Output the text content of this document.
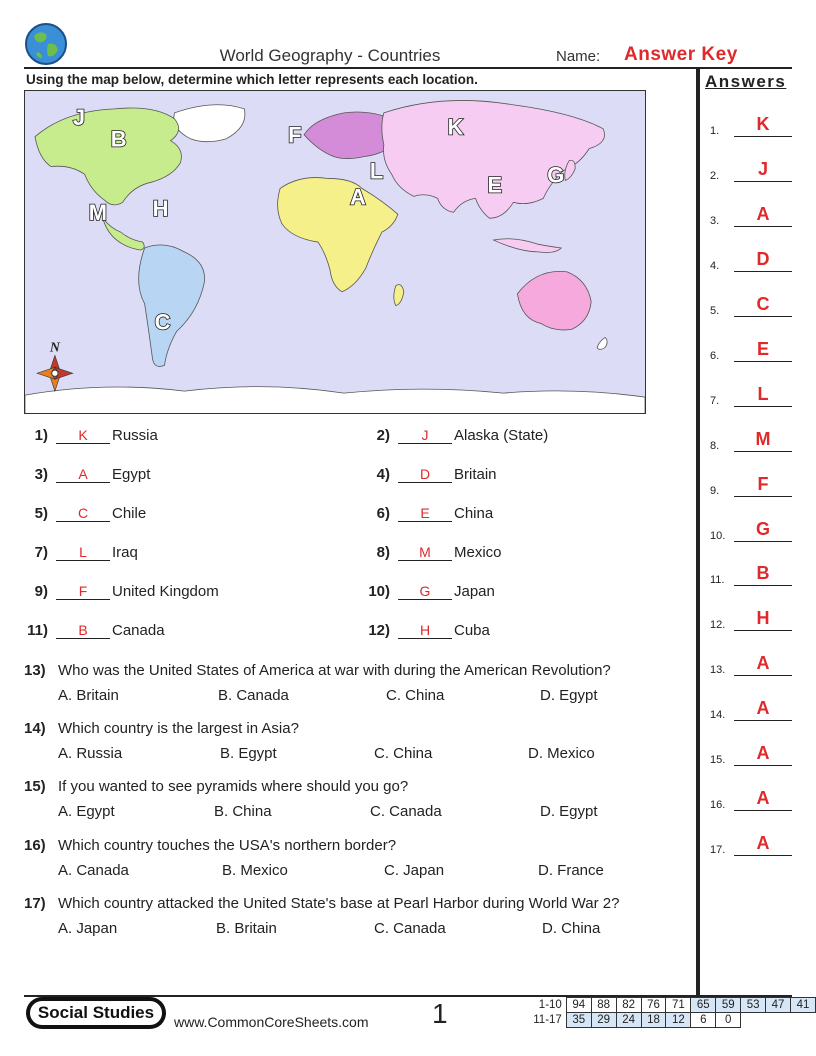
World Geography - Countries	Name: Answer Key
Answers
Using the map below, determine which letter represents each location.
N
J
B	F	K
L
A	E G
M H
C
1.	K
2.	J
3.	A
4.	D
5.	C
6.	E
7.	L
8.	M
9.	F
10.	G
11.	B
12.	H
13.	A
14.	A
15.	A
16.	A
17.	A
1)	K	Russia	2)	J	Alaska (State)
3)	A	Egypt	4)	D	Britain
5)	C	Chile	6)	E	China
7)	L	Iraq	8)	M	Mexico
9)	F	United Kingdom	10)	G	Japan
11)	B	Canada	12)	H	Cuba
13) Who was the United States of America at war with during the American Revolution?
A. Britain	B. Canada	C. China	D. Egypt
14) Which country is the largest in Asia?
A. Russia	B. Egypt	C. China	D. Mexico
15) If you wanted to see pyramids where should you go?
A. Egypt	B. China	C. Canada	D. Egypt
16) Which country touches the USA's northern border?
A. Canada	B. Mexico	C. Japan	D. France
17) Which country attacked the United State's base at Pearl Harbor during World War 2?
A. Japan	B. Britain	C. Canada	D. China
Social Studies	www.CommonCoreSheets.com 1	1-10	94	88	82	76	71	65	59	53	47	41
11-17	35	29	24	18	12	6	0			
